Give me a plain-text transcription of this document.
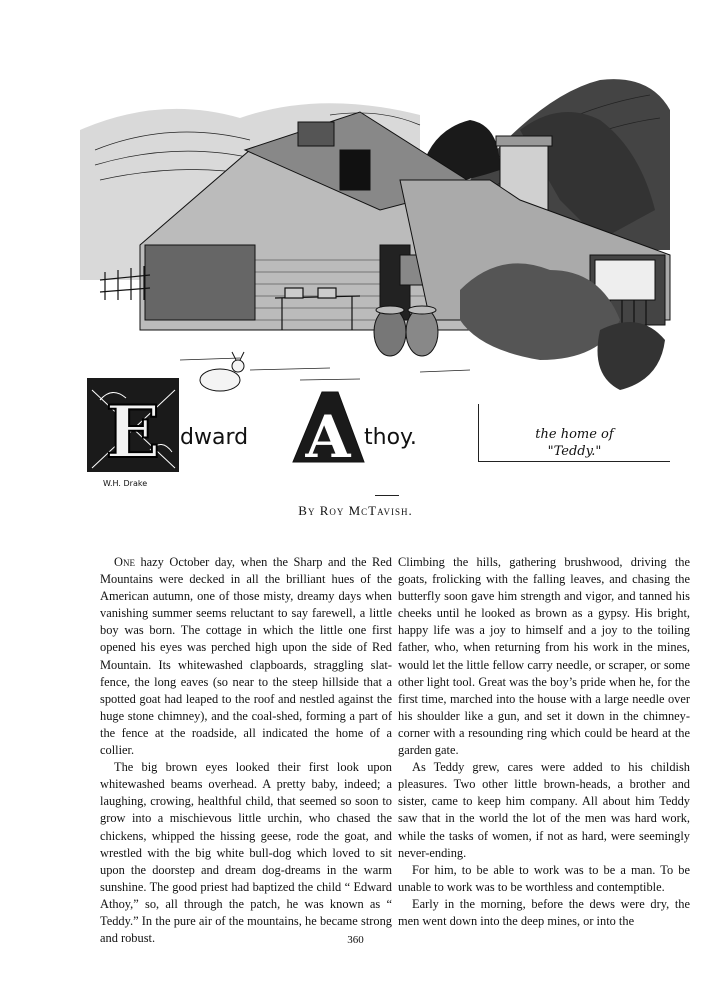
E dward A thoy.
W.H. Drake
the home of
"Teddy."
By Roy McTavish.

One hazy October day, when the Sharp and the Red Mountains were decked in all the brilliant hues of the American autumn, one of those misty, dreamy days when vanishing summer seems reluctant to say farewell, a little boy was born. The cottage in which the little one first opened his eyes was perched high upon the side of Red Mountain. Its whitewashed clapboards, straggling slat-fence, the long eaves (so near to the steep hillside that a spotted goat had leaped to the roof and nestled against the huge stone chimney), and the coal-shed, forming a part of the fence at the roadside, all indicated the home of a collier.

The big brown eyes looked their first look upon whitewashed beams overhead. A pretty baby, indeed; a laughing, crowing, healthful child, that seemed so soon to grow into a mischievous little urchin, who chased the chickens, whipped the hissing geese, rode the goat, and wrestled with the big white bull-dog which loved to sit upon the doorstep and dream dog-dreams in the warm sunshine. The good priest had baptized the child “ Edward Athoy,” so, all through the patch, he was known as “ Teddy.” In the pure air of the mountains, he became strong and robust.

Climbing the hills, gathering brushwood, driving the goats, frolicking with the falling leaves, and chasing the butterfly soon gave him strength and vigor, and tanned his cheeks until he looked as brown as a gypsy. His bright, happy life was a joy to himself and a joy to the toiling father, who, when returning from his work in the mines, would let the little fellow carry needle, or scraper, or some other light tool. Great was the boy’s pride when he, for the first time, marched into the house with a large needle over his shoulder like a gun, and set it down in the chimney-corner with a resounding ring which could be heard at the garden gate.

As Teddy grew, cares were added to his childish pleasures. Two other little brown-heads, a brother and sister, came to keep him company. All about him Teddy saw that in the world the lot of the men was hard work, while the tasks of women, if not as hard, were seemingly never-ending.

For him, to be able to work was to be a man. To be unable to work was to be worthless and contemptible.

Early in the morning, before the dews were dry, the men went down into the deep mines, or into the

360
